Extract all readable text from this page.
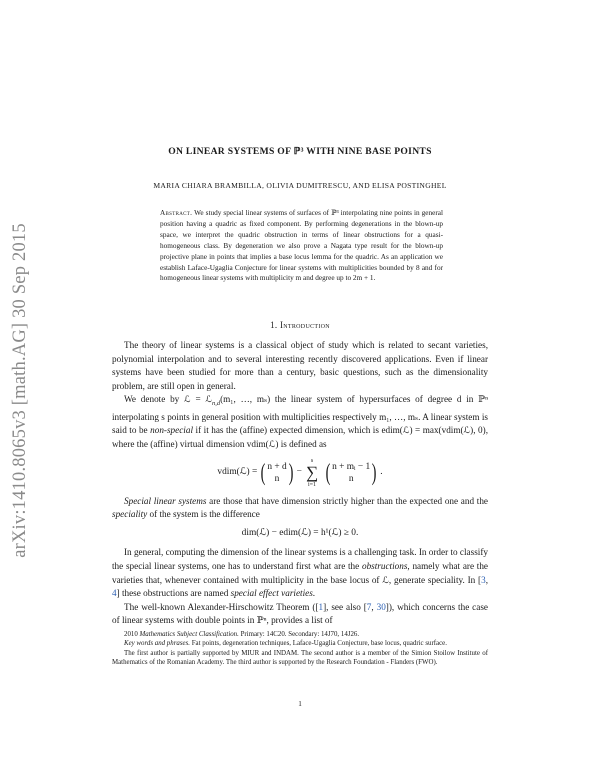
arXiv:1410.8065v3 [math.AG] 30 Sep 2015
ON LINEAR SYSTEMS OF ℙ³ WITH NINE BASE POINTS
MARIA CHIARA BRAMBILLA, OLIVIA DUMITRESCU, AND ELISA POSTINGHEL
Abstract. We study special linear systems of surfaces of ℙ³ interpolating nine points in general position having a quadric as fixed component. By performing degenerations in the blown-up space, we interpret the quadric obstruction in terms of linear obstructions for a quasi-homogeneous class. By degeneration we also prove a Nagata type result for the blown-up projective plane in points that implies a base locus lemma for the quadric. As an application we establish Laface-Ugaglia Conjecture for linear systems with multiplicities bounded by 8 and for homogeneous linear systems with multiplicity m and degree up to 2m + 1.
1. Introduction

The theory of linear systems is a classical object of study which is related to secant varieties, polynomial interpolation and to several interesting recently discovered applications. Even if linear systems have been studied for more than a century, basic questions, such as the dimensionality problem, are still open in general.

We denote by ℒ = ℒ$_{n,d}$(m₁, …, mₛ) the linear system of hypersurfaces of degree d in ℙⁿ interpolating s points in general position with multiplicities respectively m₁, …, mₛ. A linear system is said to be non-special if it has the (affine) expected dimension, which is edim(ℒ) = max(vdim(ℒ), 0), where the (affine) virtual dimension vdim(ℒ) is defined as

vdim(ℒ) = ( n + d
n ) −
s
∑
i=1 ( n + mᵢ − 1
n ) .

Special linear systems are those that have dimension strictly higher than the expected one and the speciality of the system is the difference

dim(ℒ) − edim(ℒ) = h¹(ℒ) ≥ 0.

In general, computing the dimension of the linear systems is a challenging task. In order to classify the special linear systems, one has to understand first what are the obstructions, namely what are the varieties that, whenever contained with multiplicity in the base locus of ℒ, generate speciality. In [3, 4] these obstructions are named special effect varieties.

The well-known Alexander-Hirschowitz Theorem ([1], see also [7, 30]), which concerns the case of linear systems with double points in ℙⁿ, provides a list of

2010 Mathematics Subject Classification. Primary: 14C20. Secondary: 14J70, 14J26.

Key words and phrases. Fat points, degeneration techniques, Laface-Ugaglia Conjecture, base locus, quadric surface.

The first author is partially supported by MIUR and INDAM. The second author is a member of the Simion Stoilow Institute of Mathematics of the Romanian Academy. The third author is supported by the Research Foundation - Flanders (FWO).

1
